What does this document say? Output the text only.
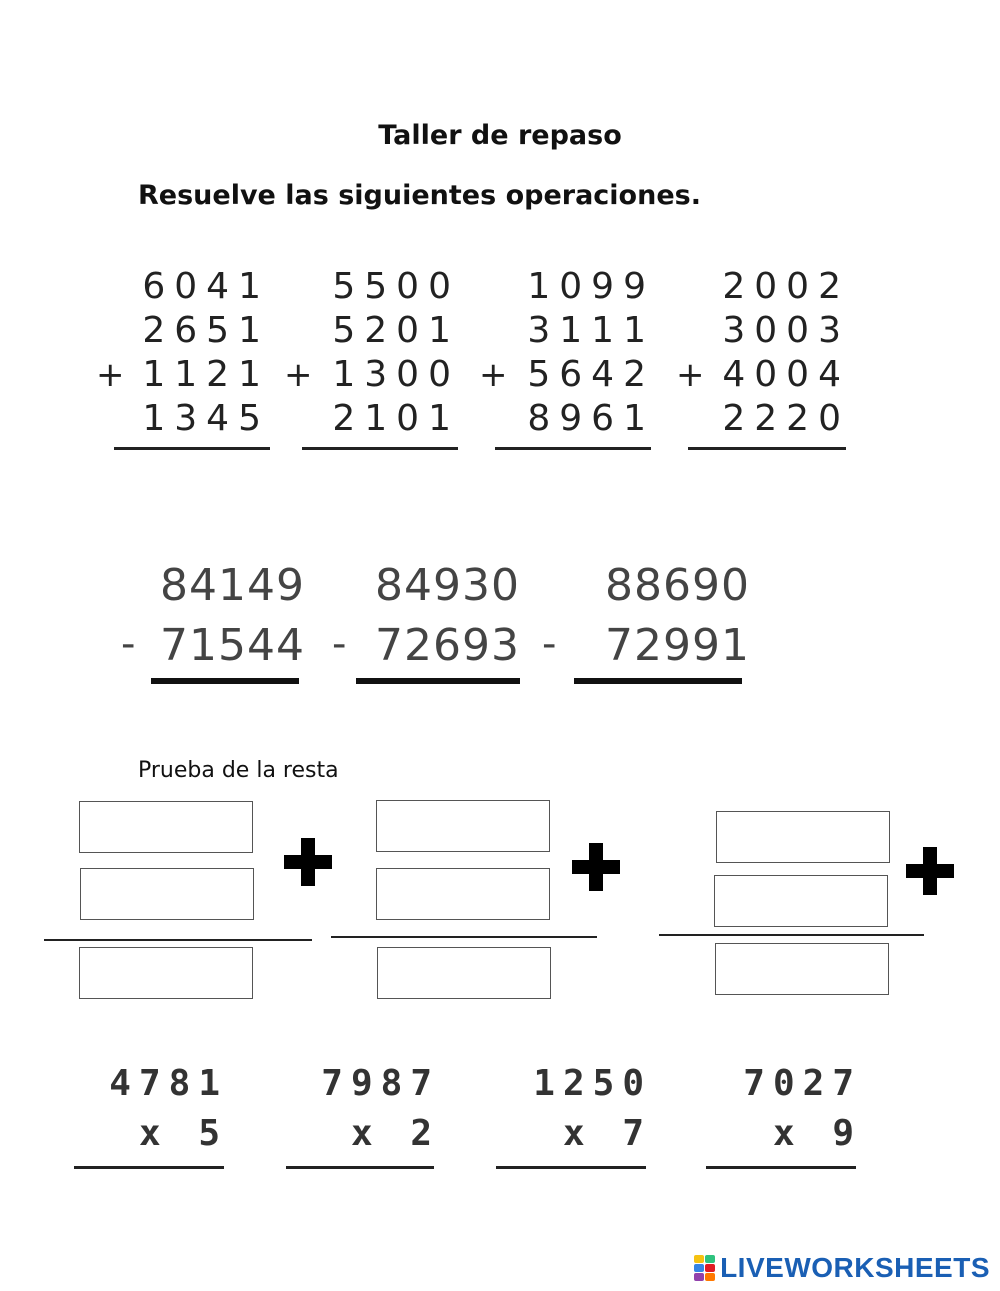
Taller de repaso
Resuelve las siguientes operaciones.
6041
2651
+ 1121
1345
5500
5201
+ 1300
2101
1099
3111
+ 5642
8961
2002
3003
+ 4004
2220
84149
- 71544
84930
- 72693
88690
- 72991
Prueba de la resta
4781
x 5
7987
x 2
1250
x 7
7027
x 9
LIVEWORKSHEETS
